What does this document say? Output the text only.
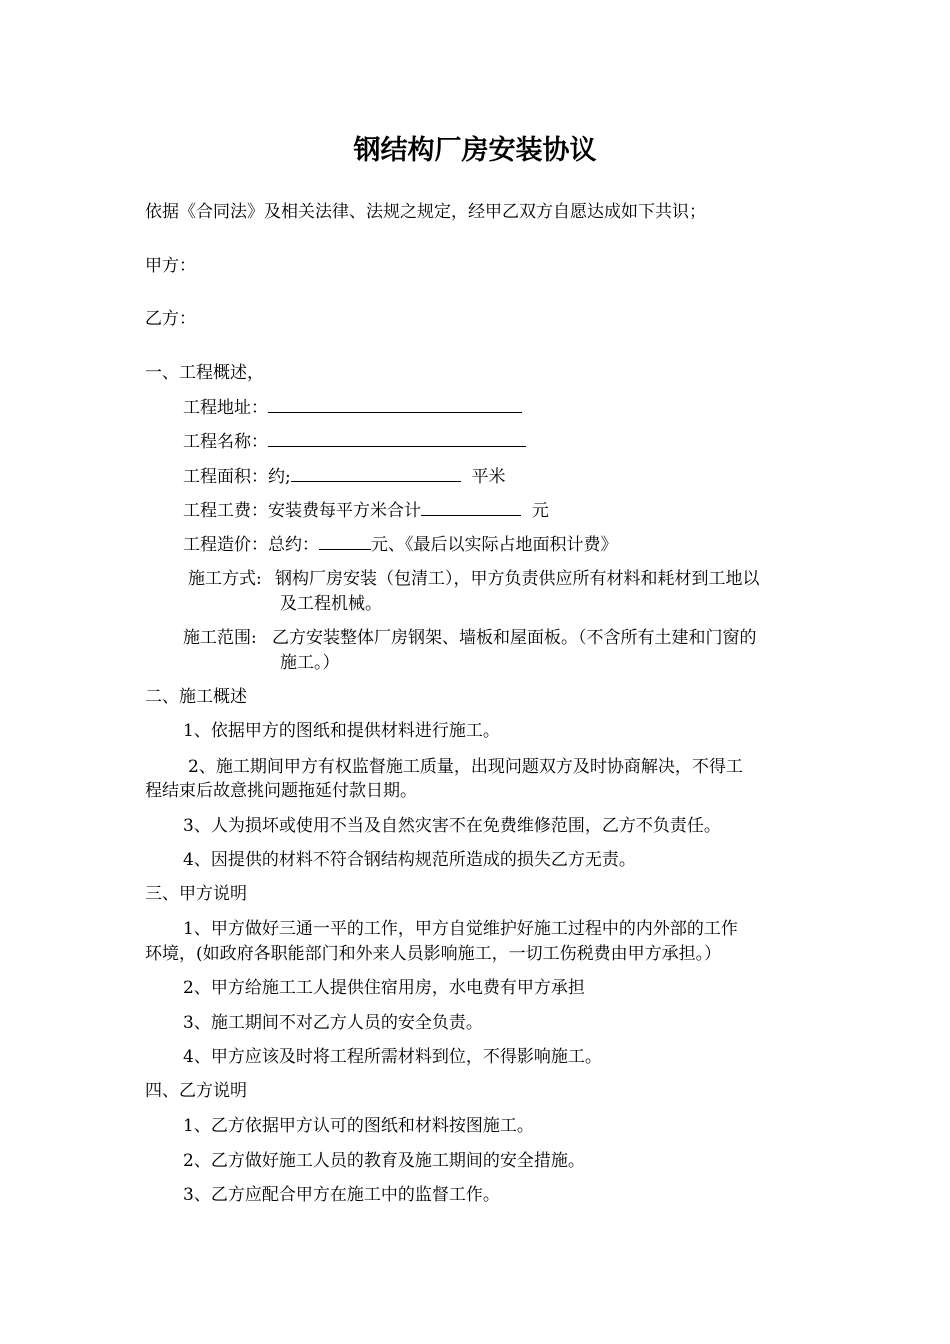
钢结构厂房安装协议
依据《合同法》及相关法律、法规之规定，经甲乙双方自愿达成如下共识；
甲方：
乙方：
一、工程概述，
工程地址：
工程名称：
工程面积：约;	平米
工程工费：安装费每平方米合计	元
工程造价：总约：	元、《最后以实际占地面积计费》
施工方式: 钢构厂房安装（包清工），甲方负责供应所有材料和耗材到工地以
及工程机械。
施工范围: 乙方安装整体厂房钢架、墙板和屋面板。（不含所有土建和门窗的
施工。）
二、施工概述
1、依据甲方的图纸和提供材料进行施工。
2、施工期间甲方有权监督施工质量，出现问题双方及时协商解决，不得工
程结束后故意挑问题拖延付款日期。
3、人为损坏或使用不当及自然灾害不在免费维修范围，乙方不负责任。
4、因提供的材料不符合钢结构规范所造成的损失乙方无责。
三、甲方说明
1、甲方做好三通一平的工作，甲方自觉维护好施工过程中的内外部的工作
环境，(如政府各职能部门和外来人员影响施工，一切工伤税费由甲方承担。）
2、甲方给施工工人提供住宿用房，水电费有甲方承担
3、施工期间不对乙方人员的安全负责。
4、甲方应该及时将工程所需材料到位，不得影响施工。
四、乙方说明
1、乙方依据甲方认可的图纸和材料按图施工。
2、乙方做好施工人员的教育及施工期间的安全措施。
3、乙方应配合甲方在施工中的监督工作。
